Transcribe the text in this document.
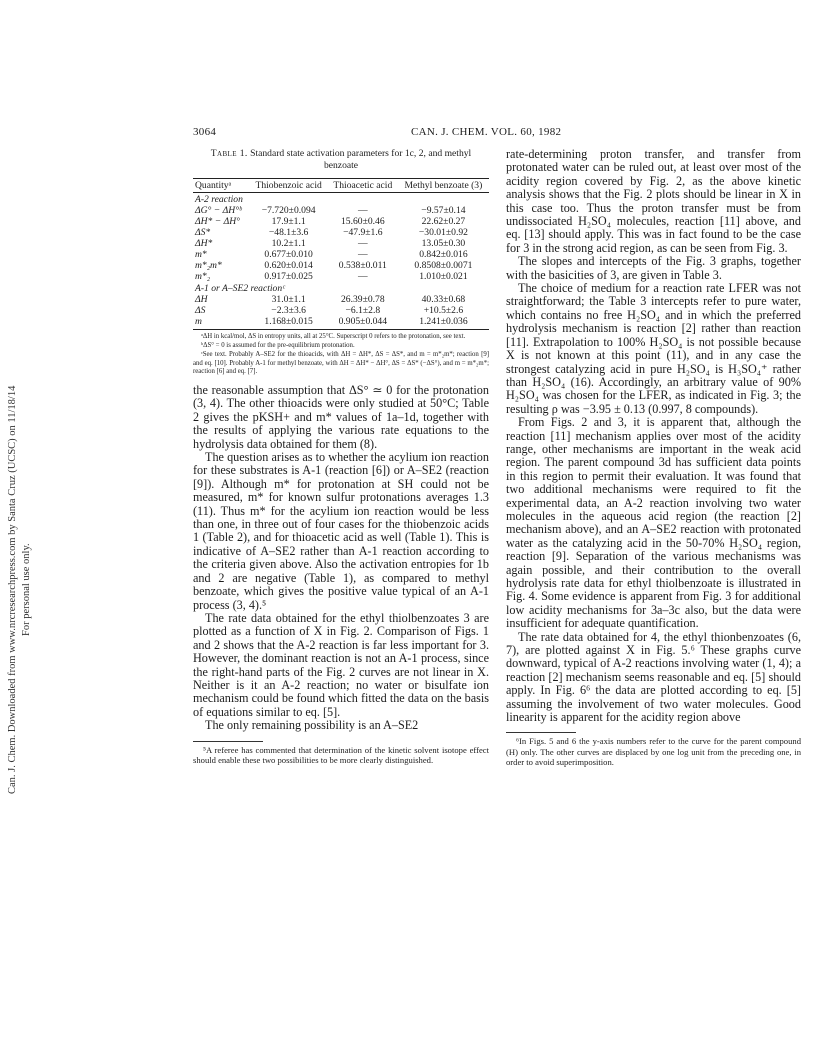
Can. J. Chem. Downloaded from www.nrcresearchpress.com by Santa Cruz (UCSC) on 11/18/14 For personal use only.
3064	CAN. J. CHEM. VOL. 60, 1982
Table 1. Standard state activation parameters for 1c, 2, and methyl benzoate
Quantityᵃ	Thiobenzoic acid	Thioacetic acid	Methyl benzoate (3)
A-2 reaction			
ΔG° − ΔH°ᵇ	−7.720±0.094	—	−9.57±0.14
ΔH* − ΔH°	17.9±1.1	15.60±0.46	22.62±0.27
ΔS*	−48.1±3.6	−47.9±1.6	−30.01±0.92
ΔH*	10.2±1.1	—	13.05±0.30
m*	0.677±0.010	—	0.842±0.016
m*₂m*	0.620±0.014	0.538±0.011	0.8508±0.0071
m*₂	0.917±0.025	—	1.010±0.021
A-1 or A–SE2 reactionᶜ			
ΔH	31.0±1.1	26.39±0.78	40.33±0.68
ΔS	−2.3±3.6	−6.1±2.8	+10.5±2.6
m	1.168±0.015	0.905±0.044	1.241±0.036

ᵃΔH in kcal/mol, ΔS in entropy units, all at 25°C. Superscript 0 refers to the protonation, see text.

ᵇΔS° = 0 is assumed for the pre-equilibrium protonation.

ᶜSee text. Probably A–SE2 for the thioacids, with ΔH = ΔH*, ΔS = ΔS*, and m = m*₂m*; reaction [9] and eq. [10]. Probably A-1 for methyl benzoate, with ΔH = ΔH* − ΔH°, ΔS = ΔS* (−ΔS°), and m = m*₂m*; reaction [6] and eq. [7].

the reasonable assumption that ΔS° ≃ 0 for the protonation (3, 4). The other thioacids were only studied at 50°C; Table 2 gives the pKSH+ and m* values of 1a–1d, together with the results of applying the various rate equations to the hydrolysis data obtained for them (8).

The question arises as to whether the acylium ion reaction for these substrates is A-1 (reaction [6]) or A–SE2 (reaction [9]). Although m* for protonation at SH could not be measured, m* for known sulfur protonations averages 1.3 (11). Thus m* for the acylium ion reaction would be less than one, in three out of four cases for the thiobenzoic acids 1 (Table 2), and for thioacetic acid as well (Table 1). This is indicative of A–SE2 rather than A-1 reaction according to the criteria given above. Also the activation entropies for 1b and 2 are negative (Table 1), as compared to methyl benzoate, which gives the positive value typical of an A-1 process (3, 4).⁵

The rate data obtained for the ethyl thiolbenzoates 3 are plotted as a function of X in Fig. 2. Comparison of Figs. 1 and 2 shows that the A-2 reaction is far less important for 3. However, the dominant reaction is not an A-1 process, since the right-hand parts of the Fig. 2 curves are not linear in X. Neither is it an A-2 reaction; no water or bisulfate ion mechanism could be found which fitted the data on the basis of equations similar to eq. [5].

The only remaining possibility is an A–SE2

⁵A referee has commented that determination of the kinetic solvent isotope effect should enable these two possibilities to be more clearly distinguished.

rate-determining proton transfer, and transfer from protonated water can be ruled out, at least over most of the acidity region covered by Fig. 2, as the above kinetic analysis shows that the Fig. 2 plots should be linear in X in this case too. Thus the proton transfer must be from undissociated H₂SO₄ molecules, reaction [11] above, and eq. [13] should apply. This was in fact found to be the case for 3 in the strong acid region, as can be seen from Fig. 3.

The slopes and intercepts of the Fig. 3 graphs, together with the basicities of 3, are given in Table 3.

The choice of medium for a reaction rate LFER was not straightforward; the Table 3 intercepts refer to pure water, which contains no free H₂SO₄ and in which the preferred hydrolysis mechanism is reaction [2] rather than reaction [11]. Extrapolation to 100% H₂SO₄ is not possible because X is not known at this point (11), and in any case the strongest catalyzing acid in pure H₂SO₄ is H₃SO₄⁺ rather than H₂SO₄ (16). Accordingly, an arbitrary value of 90% H₂SO₄ was chosen for the LFER, as indicated in Fig. 3; the resulting ρ was −3.95 ± 0.13 (0.997, 8 compounds).

From Figs. 2 and 3, it is apparent that, although the reaction [11] mechanism applies over most of the acidity range, other mechanisms are important in the weak acid region. The parent compound 3d has sufficient data points in this region to permit their evaluation. It was found that two additional mechanisms were required to fit the experimental data, an A-2 reaction involving two water molecules in the aqueous acid region (the reaction [2] mechanism above), and an A–SE2 reaction with protonated water as the catalyzing acid in the 50-70% H₂SO₄ region, reaction [9]. Separation of the various mechanisms was again possible, and their contribution to the overall hydrolysis rate data for ethyl thiolbenzoate is illustrated in Fig. 4. Some evidence is apparent from Fig. 3 for additional low acidity mechanisms for 3a–3c also, but the data were insufficient for adequate quantification.

The rate data obtained for 4, the ethyl thionbenzoates (6, 7), are plotted against X in Fig. 5.⁶ These graphs curve downward, typical of A-2 reactions involving water (1, 4); a reaction [2] mechanism seems reasonable and eq. [5] should apply. In Fig. 6⁶ the data are plotted according to eq. [5] assuming the involvement of two water molecules. Good linearity is apparent for the acidity region above

⁶In Figs. 5 and 6 the y-axis numbers refer to the curve for the parent compound (H) only. The other curves are displaced by one log unit from the preceding one, in order to avoid superimposition.
